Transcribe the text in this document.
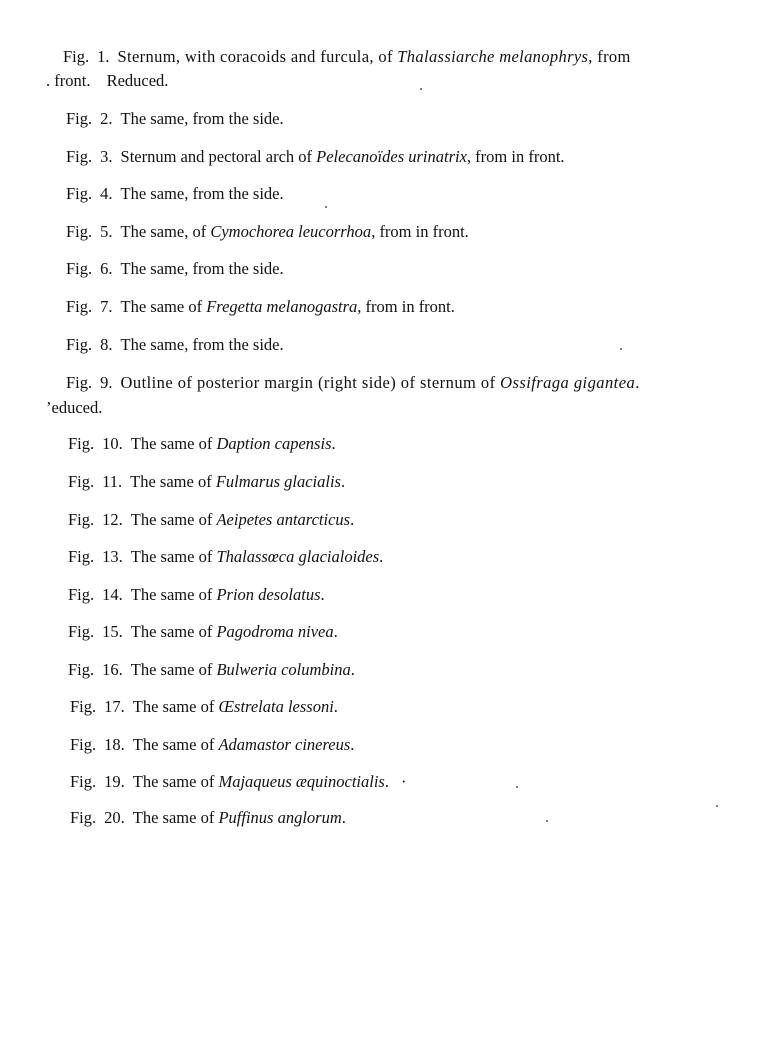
Fig. 1. Sternum, with coracoids and furcula, of Thalassiarche melanophrys, from
. front. Reduced.
Fig. 2. The same, from the side.
Fig. 3. Sternum and pectoral arch of Pelecanoïdes urinatrix, from in front.
Fig. 4. The same, from the side.
Fig. 5. The same, of Cymochorea leucorrhoa, from in front.
Fig. 6. The same, from the side.
Fig. 7. The same of Fregetta melanogastra, from in front.
Fig. 8. The same, from the side.
Fig. 9. Outline of posterior margin (right side) of sternum of Ossifraga gigantea.
’educed.
Fig. 10. The same of Daption capensis.
Fig. 11. The same of Fulmarus glacialis.
Fig. 12. The same of Aeipetes antarcticus.
Fig. 13. The same of Thalassœca glacialoides.
Fig. 14. The same of Prion desolatus.
Fig. 15. The same of Pagodroma nivea.
Fig. 16. The same of Bulweria columbina.
Fig. 17. The same of Œstrelata lessoni.
Fig. 18. The same of Adamastor cinereus.
Fig. 19. The same of Majaqueus æquinoctialis. ·
Fig. 20. The same of Puffinus anglorum.
